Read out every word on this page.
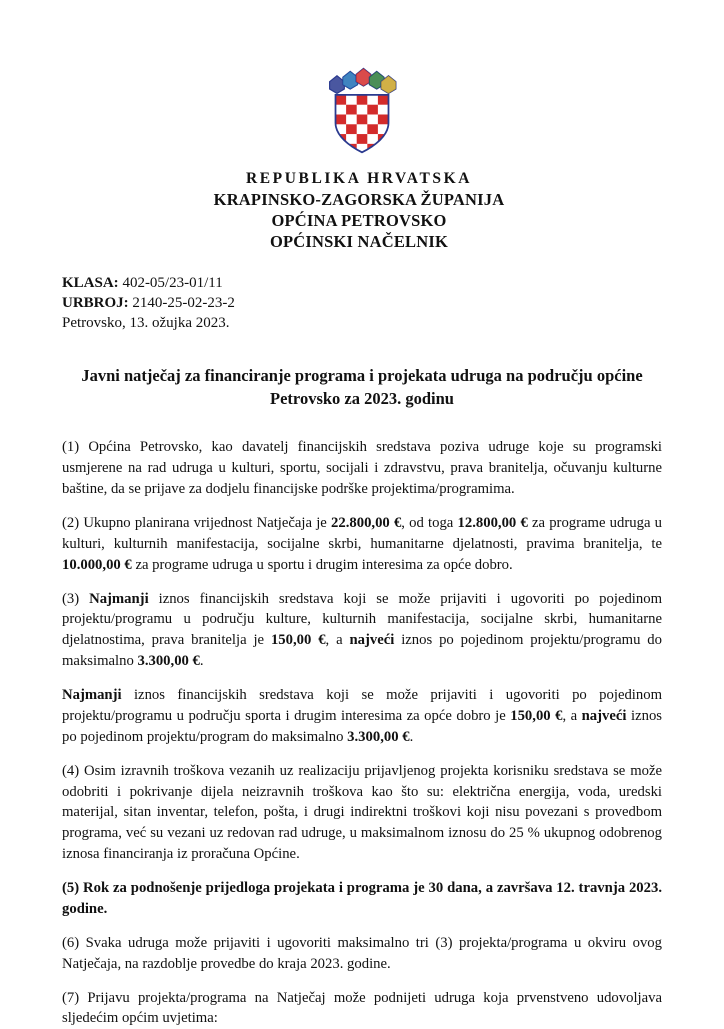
REPUBLIKA HRVATSKA
KRAPINSKO-ZAGORSKA ŽUPANIJA
OPĆINA PETROVSKO
OPĆINSKI NAČELNIK
KLASA: 402-05/23-01/11
URBROJ: 2140-25-02-23-2
Petrovsko, 13. ožujka 2023.
Javni natječaj za financiranje programa i projekata udruga na području općine Petrovsko za 2023. godinu

(1) Općina Petrovsko, kao davatelj financijskih sredstava poziva udruge koje su programski usmjerene na rad udruga u kulturi, sportu, socijali i zdravstvu, prava branitelja, očuvanju kulturne baštine, da se prijave za dodjelu financijske podrške projektima/programima.

(2) Ukupno planirana vrijednost Natječaja je 22.800,00 €, od toga 12.800,00 € za programe udruga u kulturi, kulturnih manifestacija, socijalne skrbi, humanitarne djelatnosti, pravima branitelja, te 10.000,00 € za programe udruga u sportu i drugim interesima za opće dobro.

(3) Najmanji iznos financijskih sredstava koji se može prijaviti i ugovoriti po pojedinom projektu/programu u području kulture, kulturnih manifestacija, socijalne skrbi, humanitarne djelatnostima, prava branitelja je 150,00 €, a najveći iznos po pojedinom projektu/programu do maksimalno 3.300,00 €.

Najmanji iznos financijskih sredstava koji se može prijaviti i ugovoriti po pojedinom projektu/programu u području sporta i drugim interesima za opće dobro je 150,00 €, a najveći iznos po pojedinom projektu/program do maksimalno 3.300,00 €.

(4) Osim izravnih troškova vezanih uz realizaciju prijavljenog projekta korisniku sredstava se može odobriti i pokrivanje dijela neizravnih troškova kao što su: električna energija, voda, uredski materijal, sitan inventar, telefon, pošta, i drugi indirektni troškovi koji nisu povezani s provedbom programa, već su vezani uz redovan rad udruge, u maksimalnom iznosu do 25 % ukupnog odobrenog iznosa financiranja iz proračuna Općine.

(5) Rok za podnošenje prijedloga projekata i programa je 30 dana, a završava 12. travnja 2023. godine.

(6) Svaka udruga može prijaviti i ugovoriti maksimalno tri (3) projekta/programa u okviru ovog Natječaja, na razdoblje provedbe do kraja 2023. godine.

(7) Prijavu projekta/programa na Natječaj može podnijeti udruga koja prvenstveno udovoljava sljedećim općim uvjetima:
